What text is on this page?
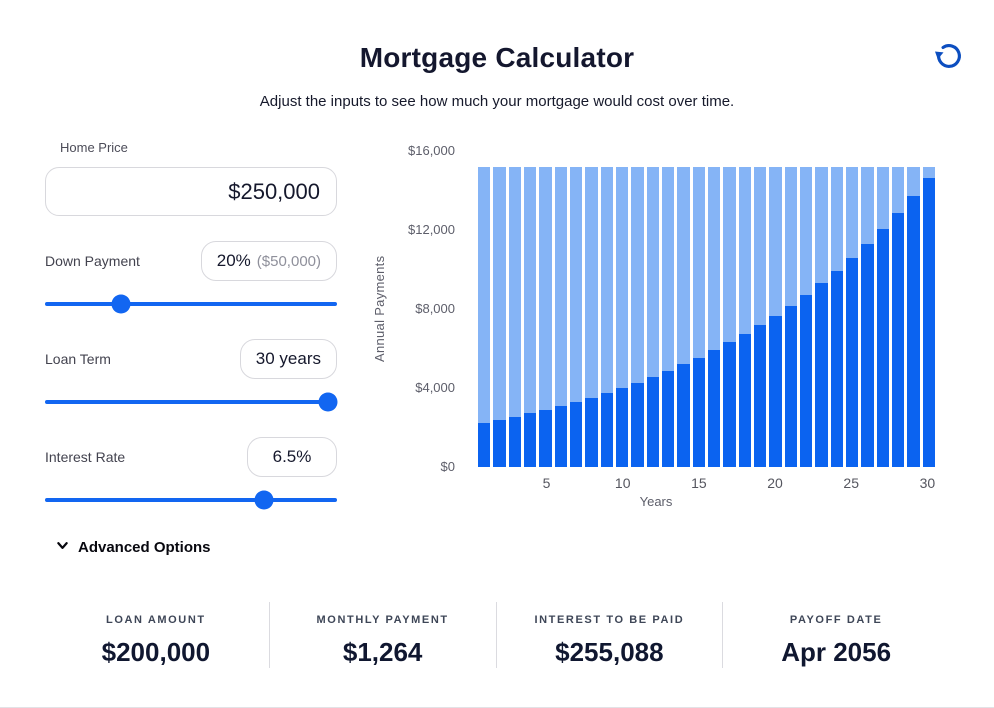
Mortgage Calculator
Adjust the inputs to see how much your mortgage would cost over time.
Home Price
$250,000
Down Payment	20% ($50,000)
Loan Term	30 years
Interest Rate	6.5%
Advanced Options
Annual Payments
$0
$4,000
$8,000
$12,000
$16,000
5	10	15	20	25	30
Years
LOAN AMOUNT
$200,000
MONTHLY PAYMENT
$1,264
INTEREST TO BE PAID
$255,088
PAYOFF DATE
Apr 2056
